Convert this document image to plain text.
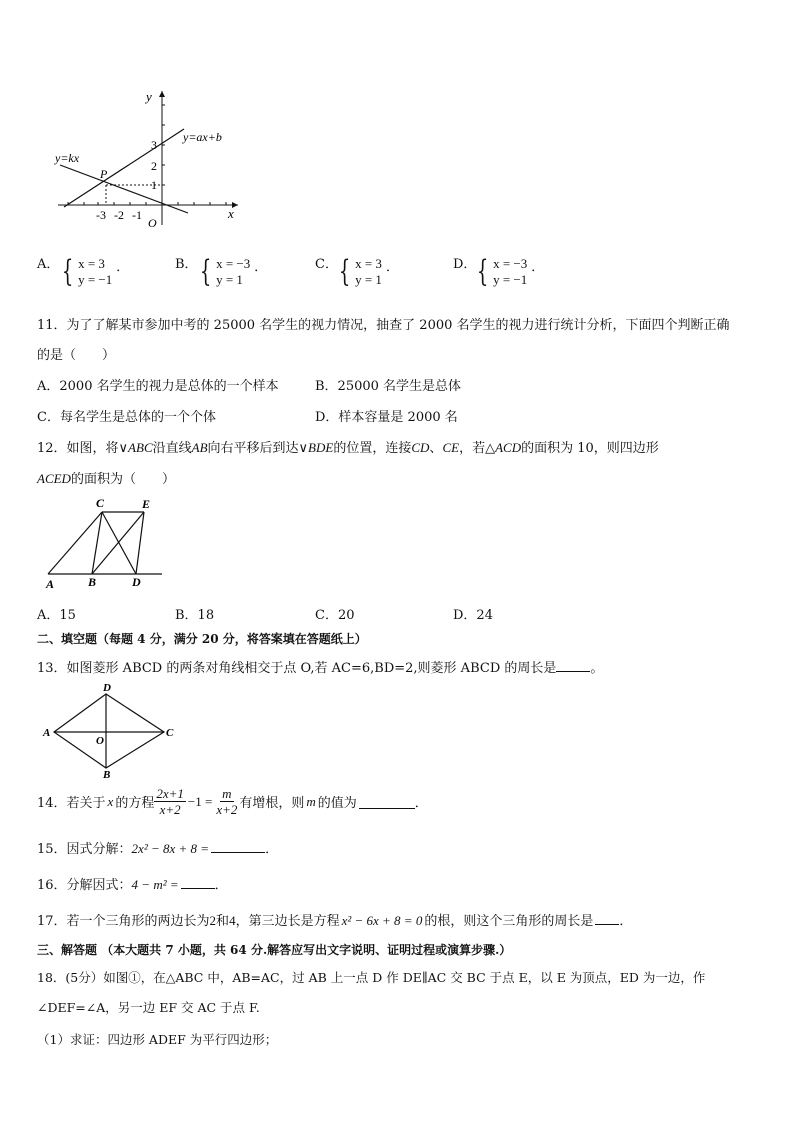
y
x
O
y=kx
y=ax+b
P
3
2
1
-3 -2 -1
A． { x = 3
y = −1
．	B． { x = −3
y = 1
．	C． { x = 3
y = 1
．	D． { x = −3
y = −1
．
11．为了了解某市参加中考的 25000 名学生的视力情况，抽查了 2000 名学生的视力进行统计分析，下面四个判断正确
的是（　　）
A．2000 名学生的视力是总体的一个样本	B．25000 名学生是总体
C．每名学生是总体的一个个体	D．样本容量是 2000 名
12．如图，将∨ABC沿直线AB向右平移后到达∨BDE的位置，连接CD、CE，若△ACD的面积为 10，则四边形
ACED的面积为（　　）
A	B
C
D
E
A．15	B．18	C．20	D．24
二、填空题（每题 4 分，满分 20 分，将答案填在答题纸上）
13．如图菱形 ABCD 的两条对角线相交于点 O,若 AC=6,BD=2,则菱形 ABCD 的周长是	。
A	C
D
B
O
14．若关于 x 的方程 $\frac{2x+1}{x+2} -1 = \frac{m}{x+2}$ 有增根，则 m 的值为	．
15．因式分解：2x² − 8x + 8 =	．
16．分解因式：4 − m² =	．
17．若一个三角形的两边长为2和4，第三边长是方程 x² − 6x + 8 = 0 的根，则这个三角形的周长是 ．
三、解答题 （本大题共 7 小题，共 64 分.解答应写出文字说明、证明过程或演算步骤.）
18．(5分）如图①，在△ABC 中，AB=AC，过 AB 上一点 D 作 DE∥AC 交 BC 于点 E，以 E 为顶点，ED 为一边，作
∠DEF=∠A，另一边 EF 交 AC 于点 F.
（1）求证：四边形 ADEF 为平行四边形；
